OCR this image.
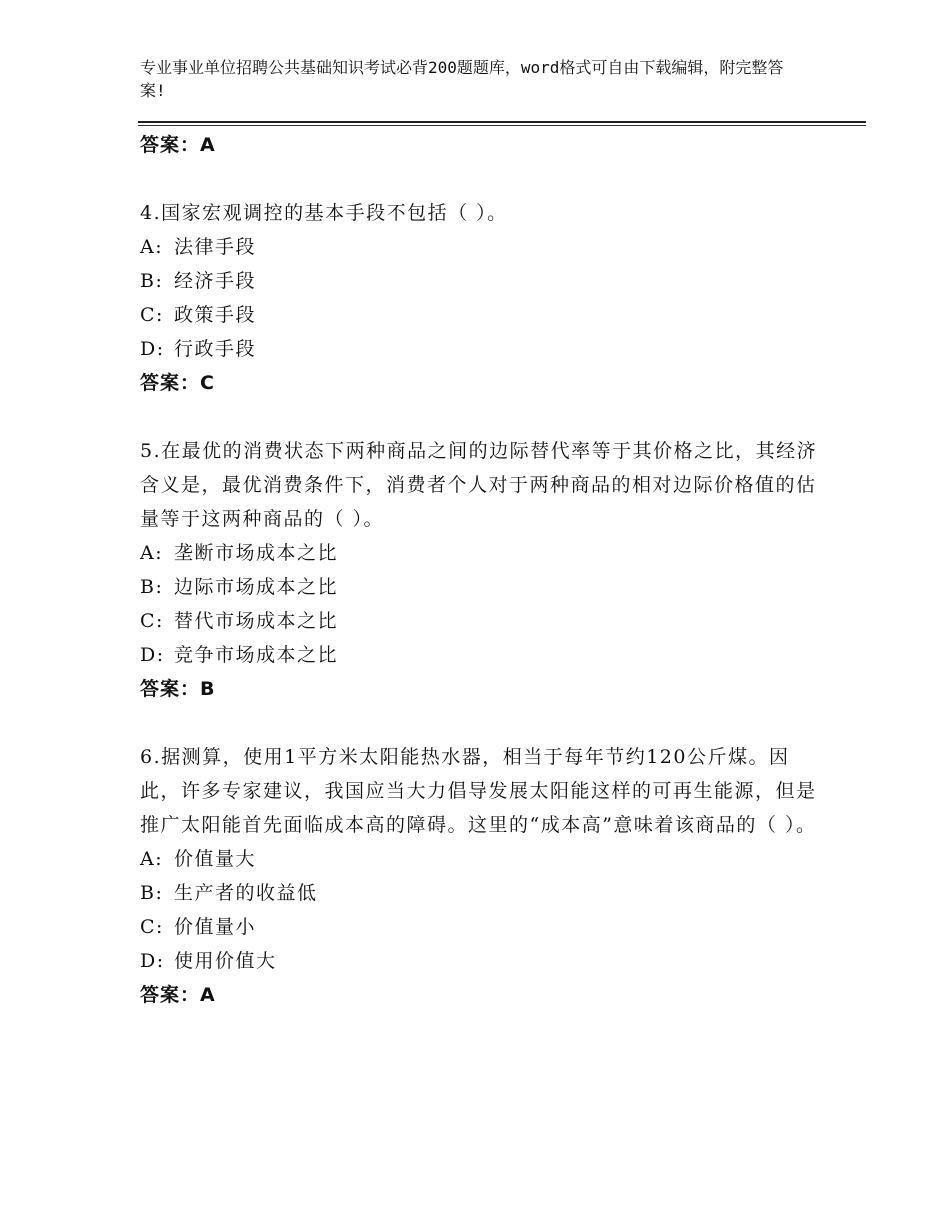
专业事业单位招聘公共基础知识考试必背200题题库，word格式可自由下载编辑，附完整答案!
答案：A
4.国家宏观调控的基本手段不包括（ ）。
A: 法律手段
B: 经济手段
C: 政策手段
D: 行政手段
答案：C
5.在最优的消费状态下两种商品之间的边际替代率等于其价格之比，其经济含义是，最优消费条件下，消费者个人对于两种商品的相对边际价格值的估量等于这两种商品的（ ）。
A: 垄断市场成本之比
B: 边际市场成本之比
C: 替代市场成本之比
D: 竞争市场成本之比
答案：B
6.据测算，使用1平方米太阳能热水器，相当于每年节约120公斤煤。因此，许多专家建议，我国应当大力倡导发展太阳能这样的可再生能源，但是推广太阳能首先面临成本高的障碍。这里的“成本高”意味着该商品的（ ）。
A: 价值量大
B: 生产者的收益低
C: 价值量小
D: 使用价值大
答案：A
